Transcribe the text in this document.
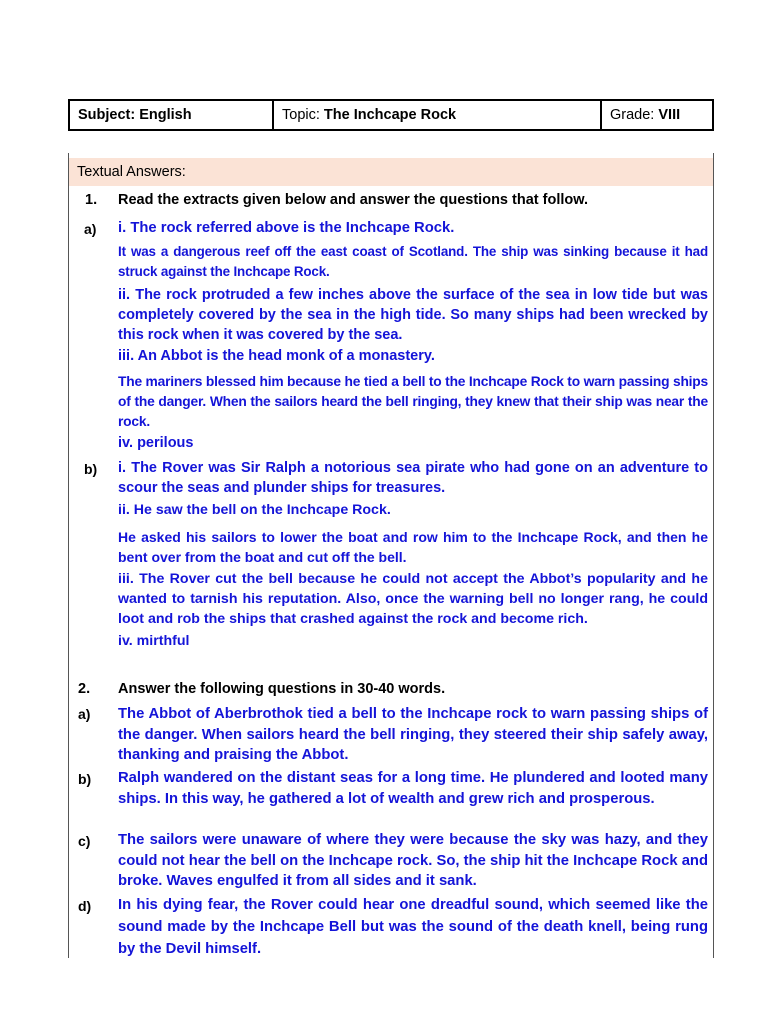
Subject:
English	Topic:
The Inchcape Rock	Grade:
VIII
Textual Answers:
1. Read the extracts given below and answer the questions that follow.
a) i. The rock referred above is the Inchcape Rock.
It was a dangerous reef off the east coast of Scotland. The ship was sinking because it had struck against the Inchcape Rock.
ii. The rock protruded a few inches above the surface of the sea in low tide but was completely covered by the sea in the high tide. So many ships had been wrecked by this rock when it was covered by the sea.
iii. An Abbot is the head monk of a monastery.
The mariners blessed him because he tied a bell to the Inchcape Rock to warn passing ships of the danger. When the sailors heard the bell ringing, they knew that their ship was near the rock.
iv. perilous
b) i. The Rover was Sir Ralph a notorious sea pirate who had gone on an adventure to scour the seas and plunder ships for treasures.
ii. He saw the bell on the Inchcape Rock.
He asked his sailors to lower the boat and row him to the Inchcape Rock, and then he bent over from the boat and cut off the bell.
iii. The Rover cut the bell because he could not accept the Abbot’s popularity and he wanted to tarnish his reputation. Also, once the warning bell no longer rang, he could loot and rob the ships that crashed against the rock and become rich.
iv. mirthful
2. Answer the following questions in 30-40 words.
a) The Abbot of Aberbrothok tied a bell to the Inchcape rock to warn passing ships of the danger. When sailors heard the bell ringing, they steered their ship safely away, thanking and praising the Abbot.
b) Ralph wandered on the distant seas for a long time. He plundered and looted many ships. In this way, he gathered a lot of wealth and grew rich and prosperous.
c) The sailors were unaware of where they were because the sky was hazy, and they could not hear the bell on the Inchcape rock. So, the ship hit the Inchcape Rock and broke. Waves engulfed it from all sides and it sank.
d) In his dying fear, the Rover could hear one dreadful sound, which seemed like the sound made by the Inchcape Bell but was the sound of the death knell, being rung by the Devil himself.
